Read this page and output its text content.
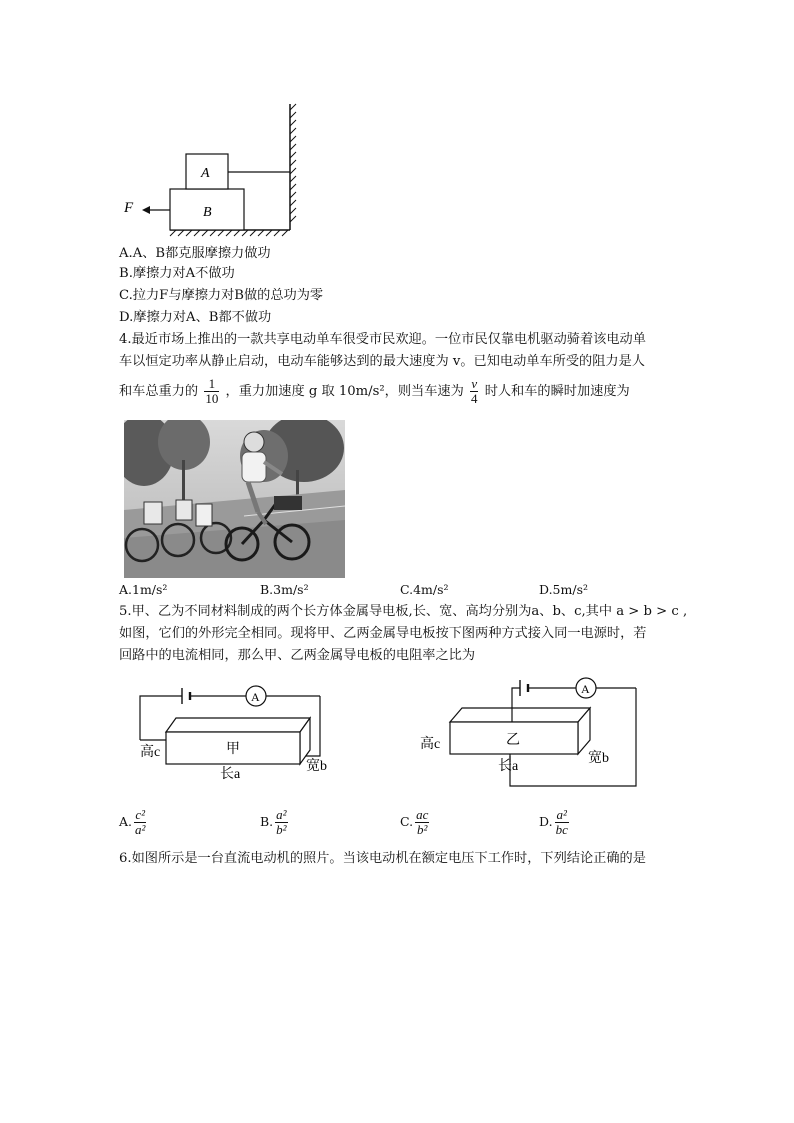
A
B
F
A.A、B都克服摩擦力做功
B.摩擦力对A不做功
C.拉力F与摩擦力对B做的总功为零
D.摩擦力对A、B都不做功
4.最近市场上推出的一款共享电动单车很受市民欢迎。一位市民仅靠电机驱动骑着该电动单
车以恒定功率从静止启动，电动车能够达到的最大速度为 v。已知电动单车所受的阻力是人
和车总重力的 $\frac{1}{10}$ ，重力加速度 g 取 10m/s²，则当车速为 $\frac{v}{4}$ 时人和车的瞬时加速度为
A.1m/s²	B.3m/s²	C.4m/s²	D.5m/s²
5.甲、乙为不同材料制成的两个长方体金属导电板,长、宽、高均分别为a、b、c,其中 a > b > c ,
如图，它们的外形完全相同。现将甲、乙两金属导电板按下图两种方式接入同一电源时，若
回路中的电流相同，那么甲、乙两金属导电板的电阻率之比为
A
甲
高c
长a
宽b
A
乙
高c
长a
宽b
A. $\frac{\text{c²}}{\text{a²}}$	B. $\frac{\text{a²}}{\text{b²}}$	C. $\frac{ac}{\text{b²}}$	D. $\frac{\text{a²}}{bc}$
6.如图所示是一台直流电动机的照片。当该电动机在额定电压下工作时，下列结论正确的是
